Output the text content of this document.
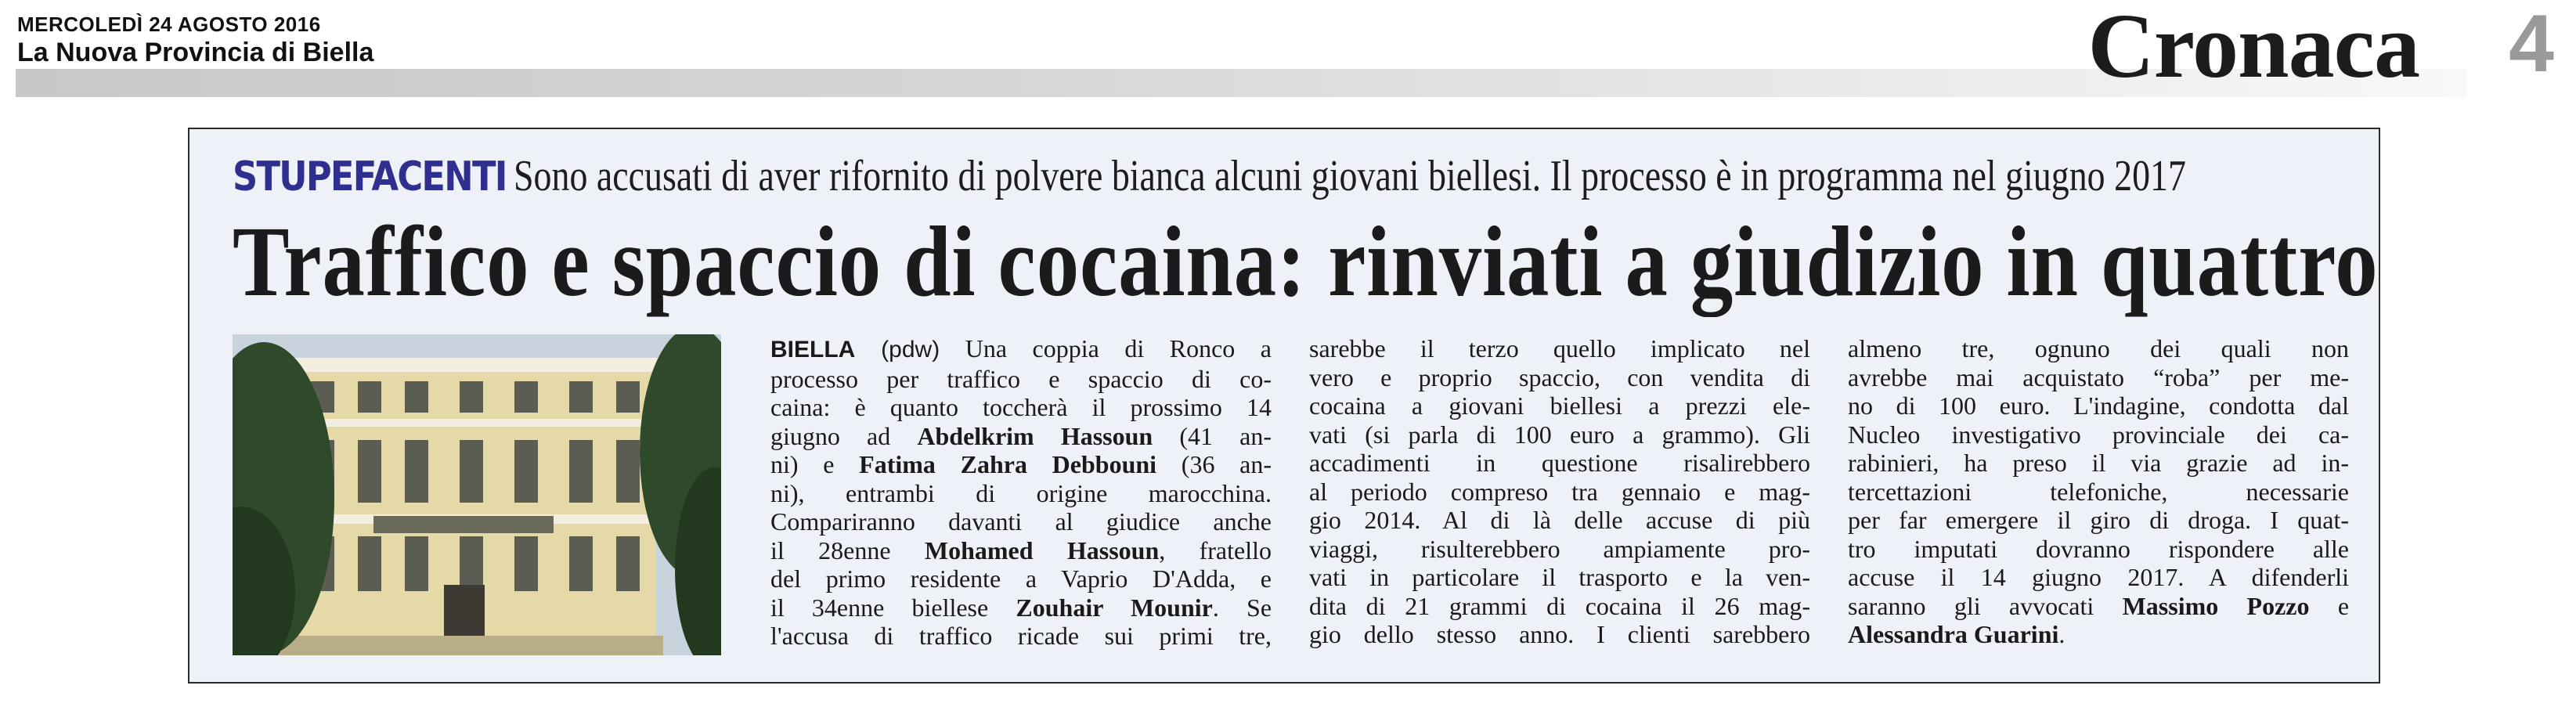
MERCOLEDÌ 24 AGOSTO 2016
La Nuova Provincia di Biella	Cronaca 4
STUPEFACENTI Sono accusati di aver rifornito di polvere bianca alcuni giovani biellesi. Il processo è in programma nel giugno 2017
Traffico e spaccio di cocaina: rinviati a giudizio in quattro
BIELLA (pdw) Una coppia di Ronco a
processo per traffico e spaccio di co-
caina: è quanto toccherà il prossimo 14
giugno ad Abdelkrim Hassoun (41 an-
ni) e Fatima Zahra Debbouni (36 an-
ni), entrambi di origine marocchina.
Compariranno davanti al giudice anche
il 28enne Mohamed Hassoun, fratello
del primo residente a Vaprio D'Adda, e
il 34enne biellese Zouhair Mounir. Se
l'accusa di traffico ricade sui primi tre,
sarebbe il terzo quello implicato nel
vero e proprio spaccio, con vendita di
cocaina a giovani biellesi a prezzi ele-
vati (si parla di 100 euro a grammo). Gli
accadimenti in questione risalirebbero
al periodo compreso tra gennaio e mag-
gio 2014. Al di là delle accuse di più
viaggi, risulterebbero ampiamente pro-
vati in particolare il trasporto e la ven-
dita di 21 grammi di cocaina il 26 mag-
gio dello stesso anno. I clienti sarebbero
almeno tre, ognuno dei quali non
avrebbe mai acquistato “roba” per me-
no di 100 euro. L'indagine, condotta dal
Nucleo investigativo provinciale dei ca-
rabinieri, ha preso il via grazie ad in-
tercettazioni telefoniche, necessarie
per far emergere il giro di droga. I quat-
tro imputati dovranno rispondere alle
accuse il 14 giugno 2017. A difenderli
saranno gli avvocati Massimo Pozzo e
Alessandra Guarini.
